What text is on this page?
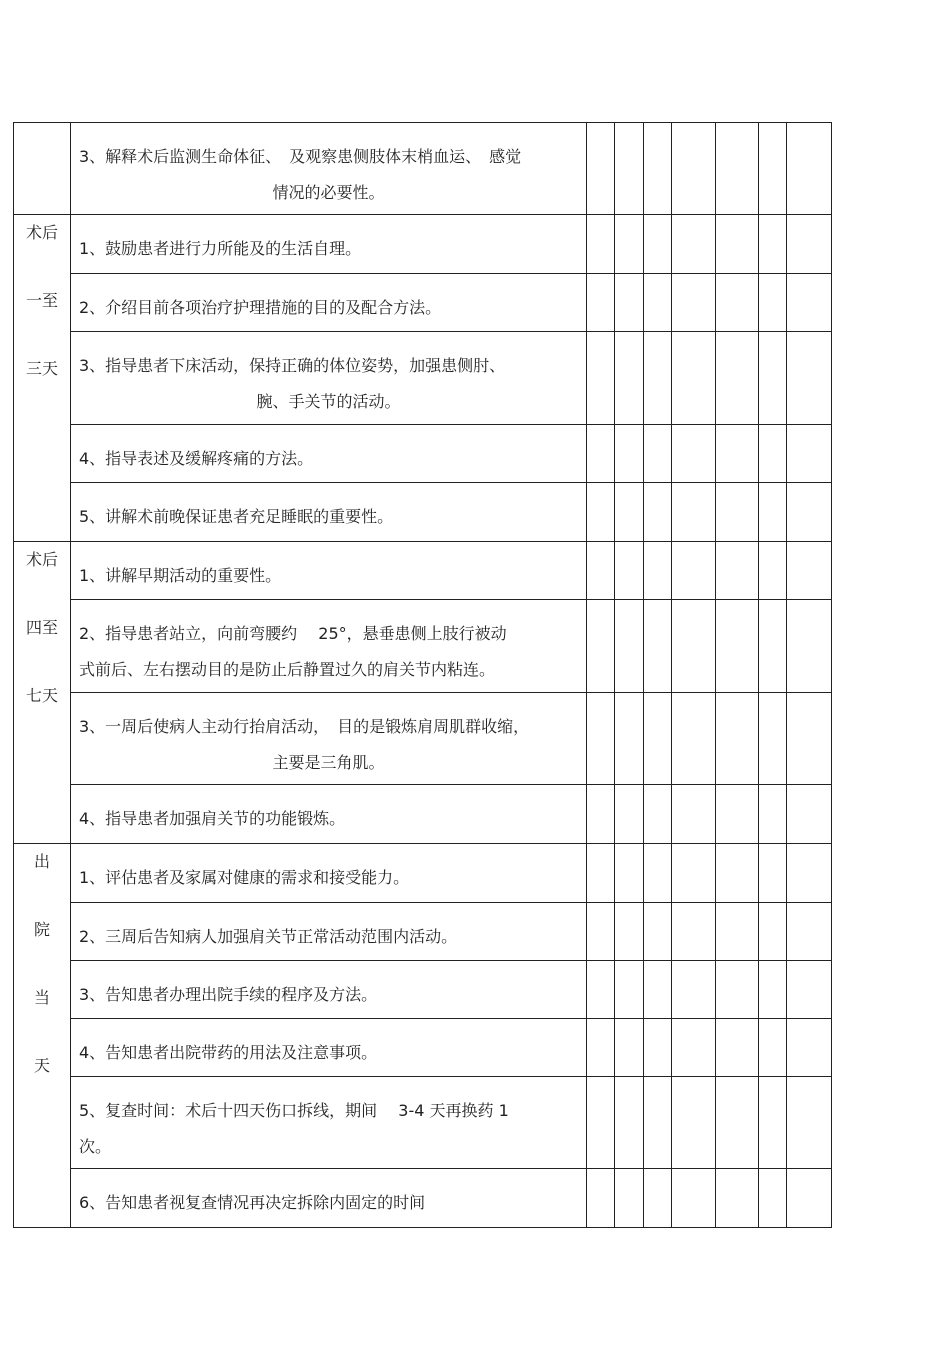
	3、解释术后监测生命体征、　及观察患侧肢体末梢血运、　感觉
情况的必要性。							

术后
一至
三天	1、鼓励患者进行力所能及的生活自理。							

	2、介绍目前各项治疗护理措施的目的及配合方法。							

	3、指导患者下床活动，保持正确的体位姿势，加强患侧肘、
腕、手关节的活动。							

	4、指导表述及缓解疼痛的方法。							

	5、讲解术前晚保证患者充足睡眠的重要性。							

术后
四至
七天	1、讲解早期活动的重要性。							

	2、指导患者站立，向前弯腰约　 25°，悬垂患侧上肢行被动
式前后、左右摆动目的是防止后静置过久的肩关节内粘连。							

	3、一周后使病人主动行抬肩活动，　目的是锻炼肩周肌群收缩，
主要是三角肌。							

	4、指导患者加强肩关节的功能锻炼。							

出
院
当
天	1、评估患者及家属对健康的需求和接受能力。							

	2、三周后告知病人加强肩关节正常活动范围内活动。							

	3、告知患者办理出院手续的程序及方法。							

	4、告知患者出院带药的用法及注意事项。							

	5、复查时间：术后十四天伤口拆线，期间　 3-4 天再换药 1
次。							

	6、告知患者视复查情况再决定拆除内固定的时间							
